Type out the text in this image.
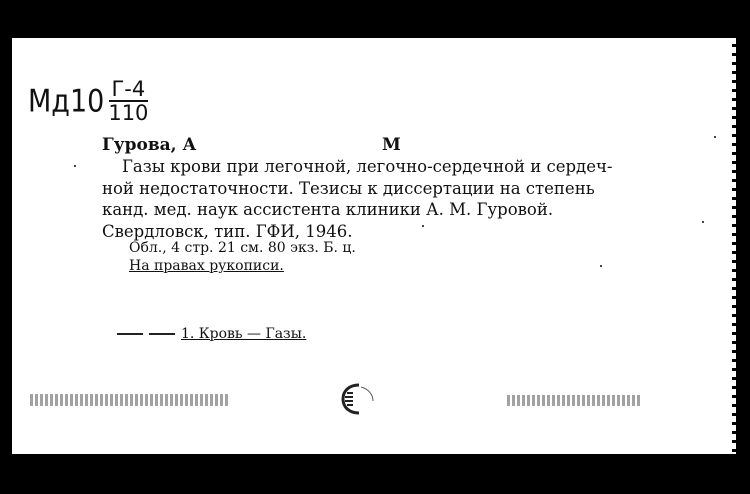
$Мд10 \frac{Г-4}{110}$
Гурова, А	М
Газы крови при легочной, легочно-сердечной и сердеч-
ной недостаточности. Тезисы к диссертации на степень
канд. мед. наук ассистента клиники А. М. Гуровой.
Свердловск, тип. ГФИ, 1946.
Обл., 4 стр. 21 см. 80 экз. Б. ц.
На правах рукописи.
1. Кровь — Газы.
